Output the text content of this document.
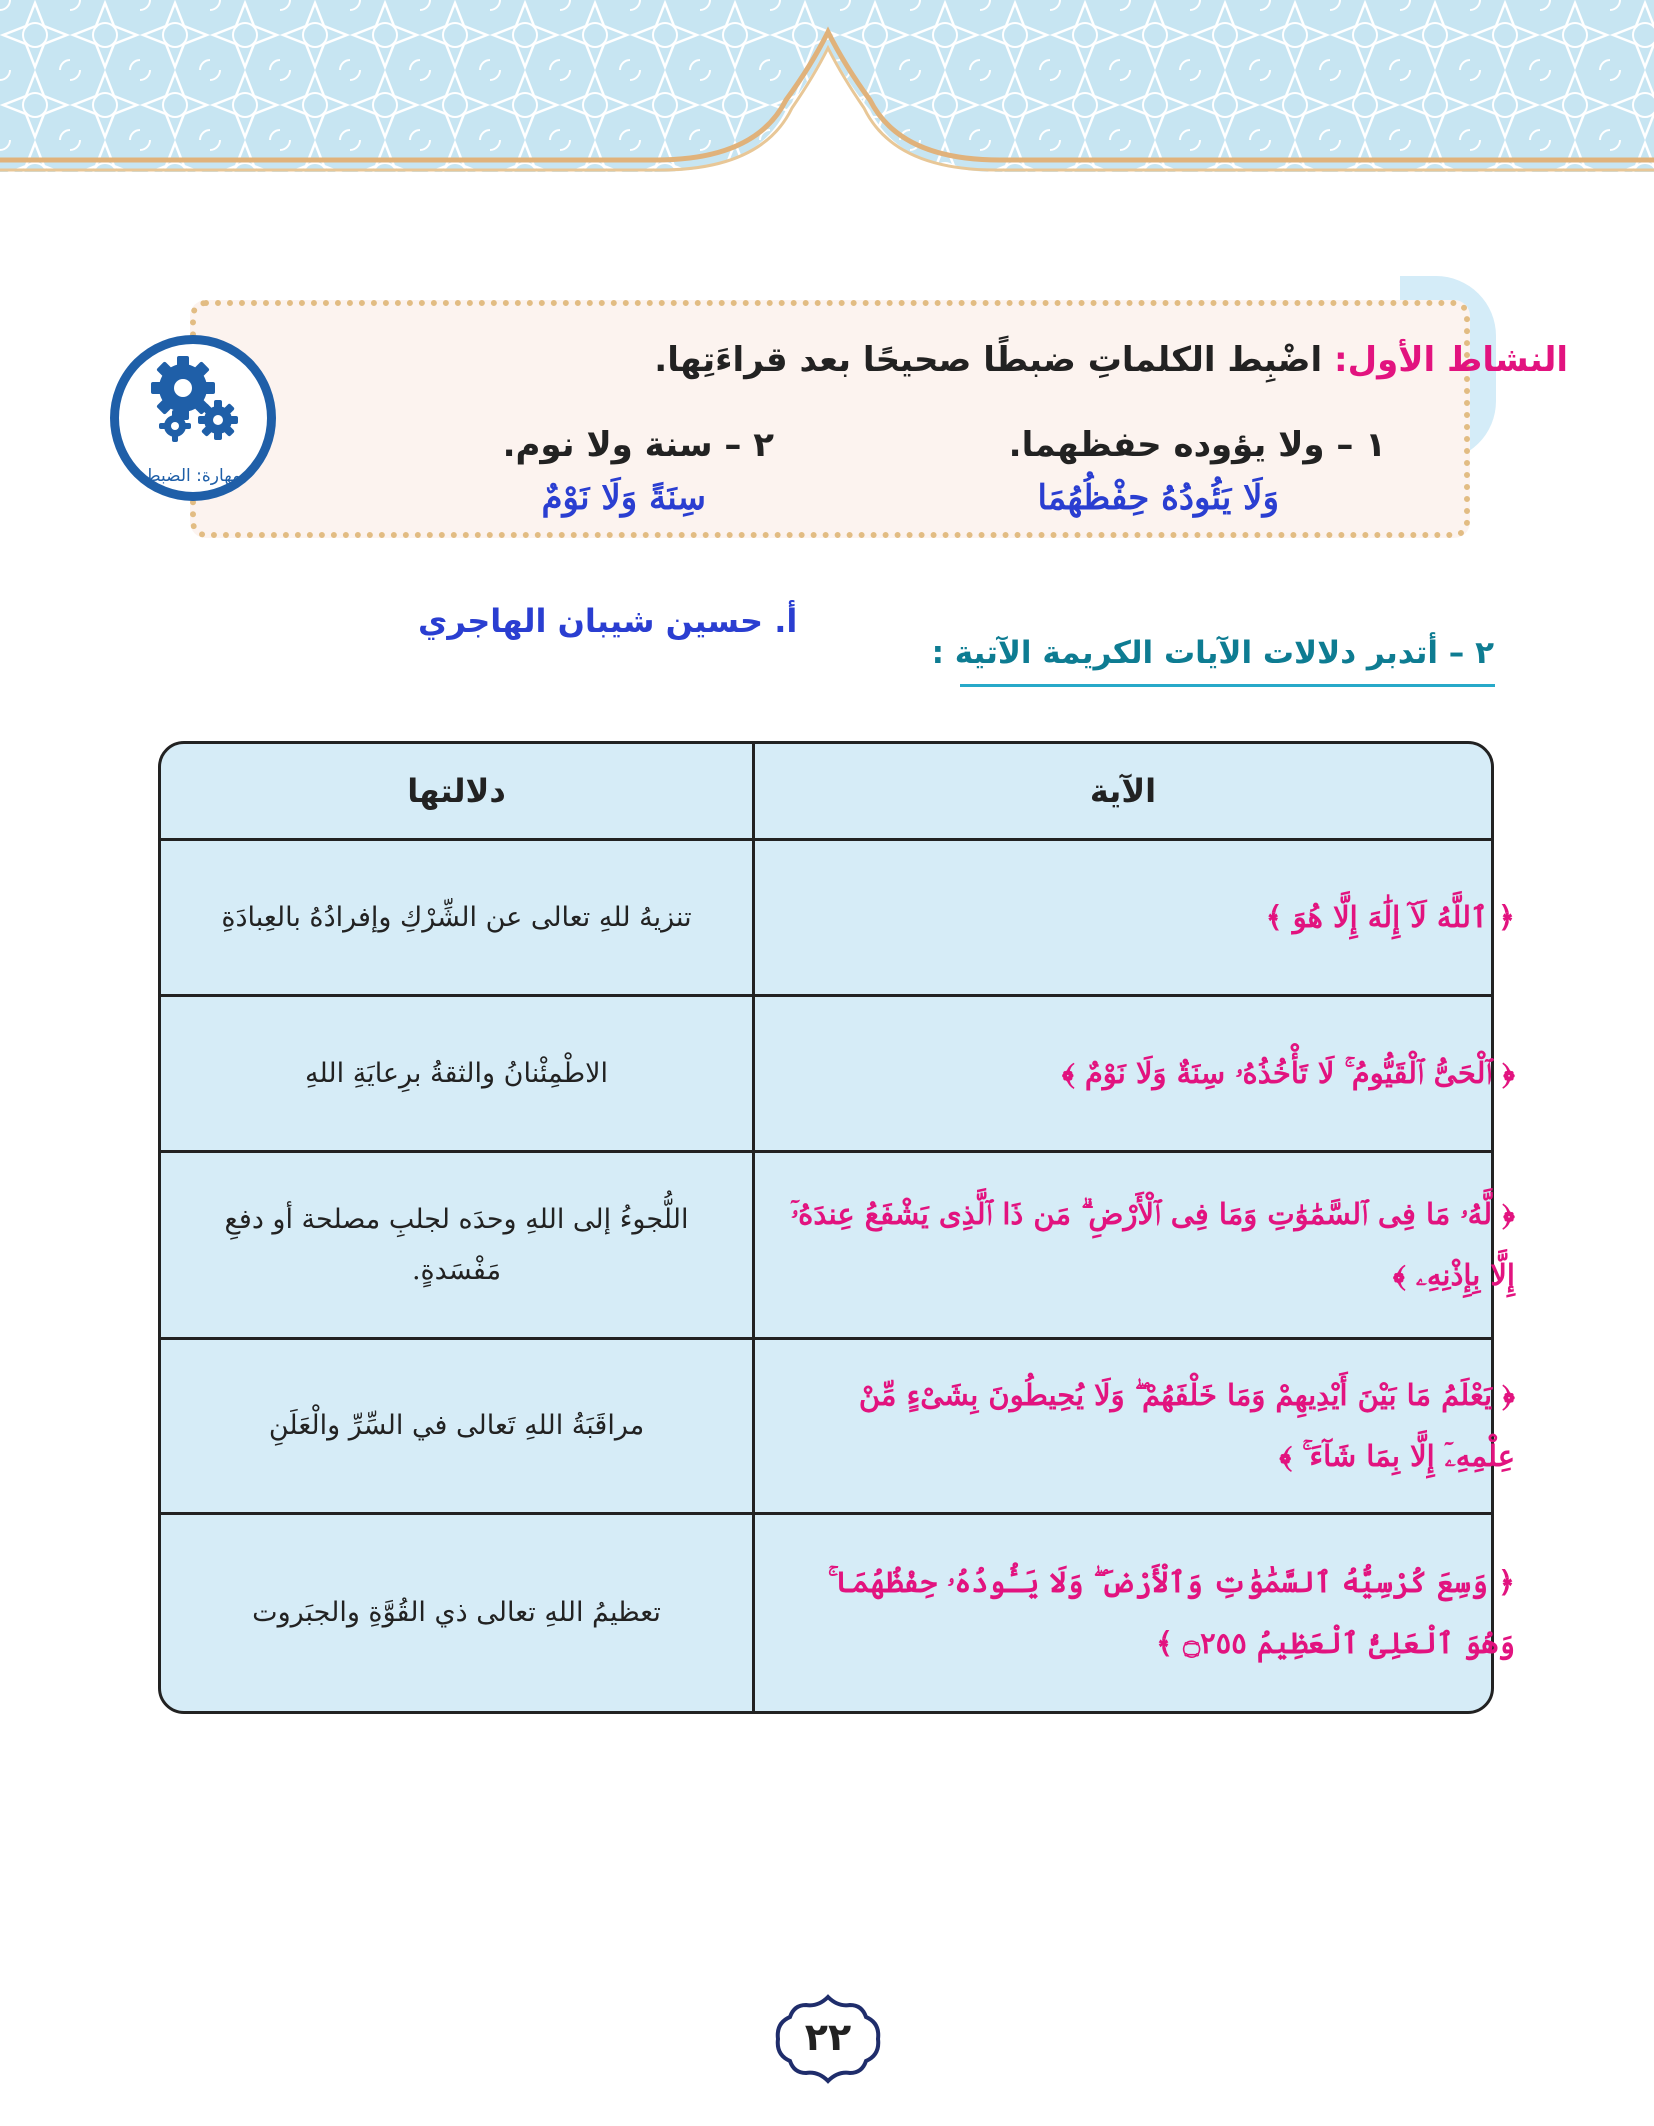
النشاط الأول: اضْبِط الكلماتِ ضبطًا صحيحًا بعد قراءَتِها.
١ – ولا يؤوده حفظهما.
وَلَا يَئُودُهُ حِفْظُهُمَا
٢ – سنة ولا نوم.
سِنَةً وَلَا نَوْمٌ
مهارة: الضبط
أ. حسين شيبان الهاجري
٢ – أتدبر دلالات الآيات الكريمة الآتية :
الآية
دلالتها
﴿ ٱللَّهُ لَآ إِلَٰهَ إِلَّا هُوَ ﴾
تنزيهُ للهِ تعالى عن الشِّرْكِ وإفرادُهُ بالعِبادَةِ
﴿ ٱلْحَىُّ ٱلْقَيُّومُ ۚ لَا تَأْخُذُهُۥ سِنَةٌ وَلَا نَوْمٌ ﴾
الاطْمِئْنانُ والثقةُ برِعايَةِ اللهِ
﴿ لَّهُۥ مَا فِى ٱلسَّمَٰوَٰتِ وَمَا فِى ٱلْأَرْضِ ۗ مَن ذَا ٱلَّذِى يَشْفَعُ عِندَهُۥٓ إِلَّا بِإِذْنِهِۦ ﴾
اللُّجوءُ إلى اللهِ وحدَه لجلبِ مصلحة أو دفعِ مَفْسَدةٍ.
﴿ يَعْلَمُ مَا بَيْنَ أَيْدِيهِمْ وَمَا خَلْفَهُمْ ۖ وَلَا يُحِيطُونَ بِشَىْءٍ مِّنْ عِلْمِهِۦٓ إِلَّا بِمَا شَآءَ ۚ ﴾
مراقَبَةُ اللهِ تَعالى في السِّرِّ والْعَلَنِ
﴿ وَسِعَ كُرْسِيُّهُ ٱلسَّمَٰوَٰتِ وَٱلْأَرْضَ ۖ وَلَا يَـُٔودُهُۥ حِفْظُهُمَا ۚ وَهُوَ ٱلْعَلِىُّ ٱلْعَظِيمُ ۝٢٥٥ ﴾
تعظيمُ اللهِ تعالى ذي القُوَّةِ والجبَروت
٢٢
